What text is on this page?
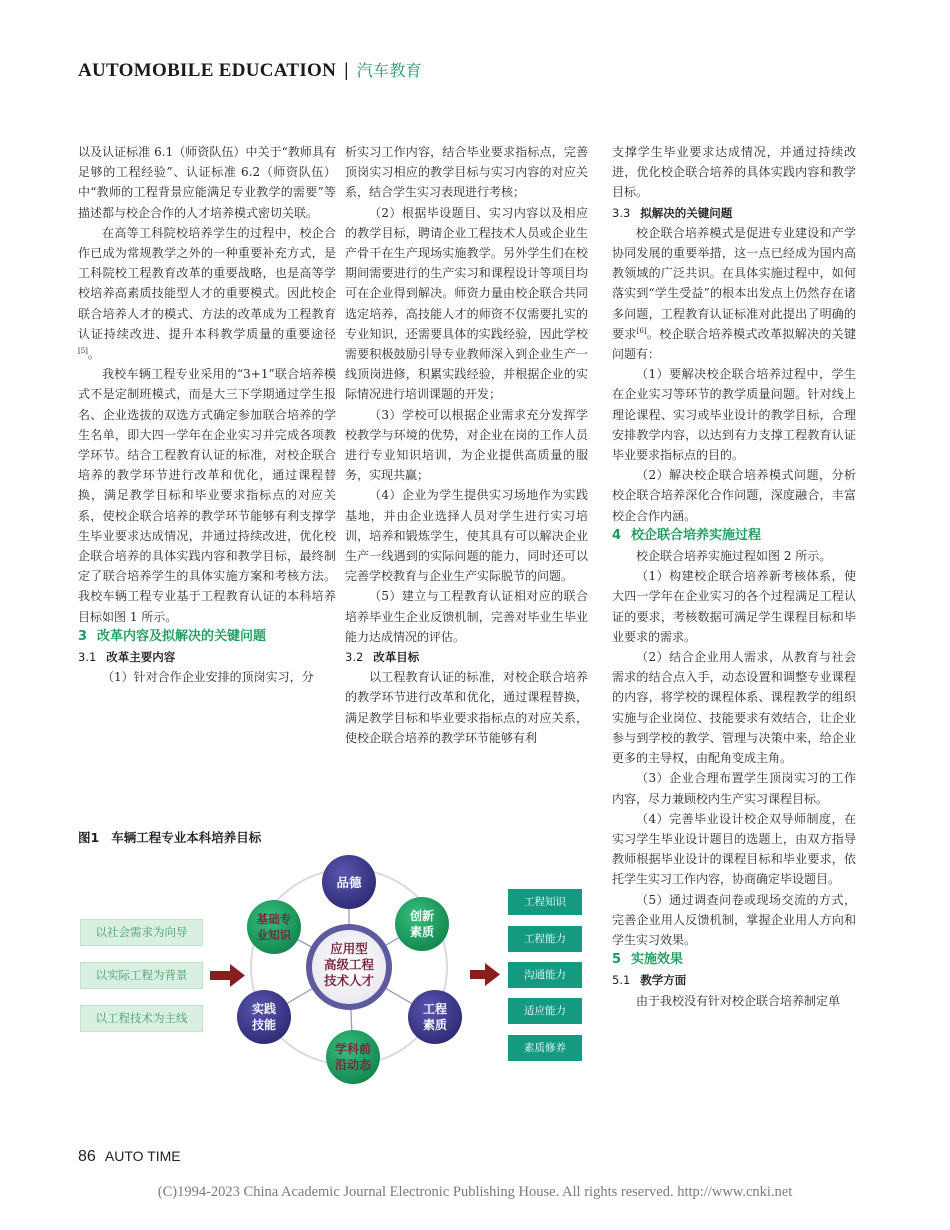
AUTOMOBILE EDUCATION | 汽车教育

以及认证标准 6.1（师资队伍）中关于“教师具有足够的工程经验”、认证标准 6.2（师资队伍）中“教师的工程背景应能满足专业教学的需要”等描述都与校企合作的人才培养模式密切关联。

在高等工科院校培养学生的过程中，校企合作已成为常规教学之外的一种重要补充方式，是工科院校工程教育改革的重要战略，也是高等学校培养高素质技能型人才的重要模式。因此校企联合培养人才的模式、方法的改革成为工程教育认证持续改进、提升本科教学质量的重要途径[5]。

我校车辆工程专业采用的“3+1”联合培养模式不是定制班模式，而是大三下学期通过学生报名、企业选拔的双选方式确定参加联合培养的学生名单，即大四一学年在企业实习并完成各项教学环节。结合工程教育认证的标准，对校企联合培养的教学环节进行改革和优化，通过课程替换，满足教学目标和毕业要求指标点的对应关系，使校企联合培养的教学环节能够有利支撑学生毕业要求达成情况，并通过持续改进，优化校企联合培养的具体实践内容和教学目标，最终制定了联合培养学生的具体实施方案和考核方法。我校车辆工程专业基于工程教育认证的本科培养目标如图 1 所示。

3 改革内容及拟解决的关键问题

3.1 改革主要内容

（1）针对合作企业安排的顶岗实习，分

析实习工作内容，结合毕业要求指标点，完善顶岗实习相应的教学目标与实习内容的对应关系，结合学生实习表现进行考核；

（2）根据毕设题目、实习内容以及相应的教学目标，聘请企业工程技术人员或企业生产骨干在生产现场实施教学。另外学生们在校期间需要进行的生产实习和课程设计等项目均可在企业得到解决。师资力量由校企联合共同选定培养，高技能人才的师资不仅需要扎实的专业知识，还需要具体的实践经验，因此学校需要积极鼓励引导专业教师深入到企业生产一线顶岗进修，积累实践经验，并根据企业的实际情况进行培训课题的开发；

（3）学校可以根据企业需求充分发挥学校教学与环境的优势，对企业在岗的工作人员进行专业知识培训，为企业提供高质量的服务，实现共赢；

（4）企业为学生提供实习场地作为实践基地，并由企业选择人员对学生进行实习培训，培养和锻炼学生，使其具有可以解决企业生产一线遇到的实际问题的能力，同时还可以完善学校教育与企业生产实际脱节的问题。

（5）建立与工程教育认证相对应的联合培养毕业生企业反馈机制，完善对毕业生毕业能力达成情况的评估。

3.2 改革目标

以工程教育认证的标准，对校企联合培养的教学环节进行改革和优化，通过课程替换，满足教学目标和毕业要求指标点的对应关系，使校企联合培养的教学环节能够有利

支撑学生毕业要求达成情况，并通过持续改进，优化校企联合培养的具体实践内容和教学目标。

3.3 拟解决的关键问题

校企联合培养模式是促进专业建设和产学协同发展的重要举措，这一点已经成为国内高教领域的广泛共识。在具体实施过程中，如何落实到“学生受益”的根本出发点上仍然存在诸多问题，工程教育认证标准对此提出了明确的要求[6]。校企联合培养模式改革拟解决的关键问题有：

（1）要解决校企联合培养过程中，学生在企业实习等环节的教学质量问题。针对线上理论课程、实习或毕业设计的教学目标，合理安排教学内容，以达到有力支撑工程教育认证毕业要求指标点的目的。

（2）解决校企联合培养模式问题，分析校企联合培养深化合作问题，深度融合，丰富校企合作内涵。

4 校企联合培养实施过程

校企联合培养实施过程如图 2 所示。

（1）构建校企联合培养新考核体系，使大四一学年在企业实习的各个过程满足工程认证的要求，考核数据可满足学生课程目标和毕业要求的需求。

（2）结合企业用人需求，从教育与社会需求的结合点入手，动态设置和调整专业课程的内容，将学校的课程体系、课程教学的组织实施与企业岗位、技能要求有效结合，让企业参与到学校的教学、管理与决策中来，给企业更多的主导权，由配角变成主角。

（3）企业合理布置学生顶岗实习的工作内容，尽力兼顾校内生产实习课程目标。

（4）完善毕业设计校企双导师制度，在实习学生毕业设计题目的选题上，由双方指导教师根据毕业设计的课程目标和毕业要求，依托学生实习工作内容，协商确定毕设题目。

（5）通过调查问卷或现场交流的方式，完善企业用人反馈机制，掌握企业用人方向和学生实习效果。

5 实施效果

5.1 教学方面

由于我校没有针对校企联合培养制定单

图1 车辆工程专业本科培养目标
应用型
高级工程
技术人才
品德
创新
素质
工程
素质
学科前
沿动态
实践
技能
基础专
业知识
以社会需求为向导
以实际工程为背景
以工程技术为主线
工程知识
工程能力
沟通能力
适应能力
素质修养
86 AUTO TIME
(C)1994-2023 China Academic Journal Electronic Publishing House. All rights reserved. http://www.cnki.net
